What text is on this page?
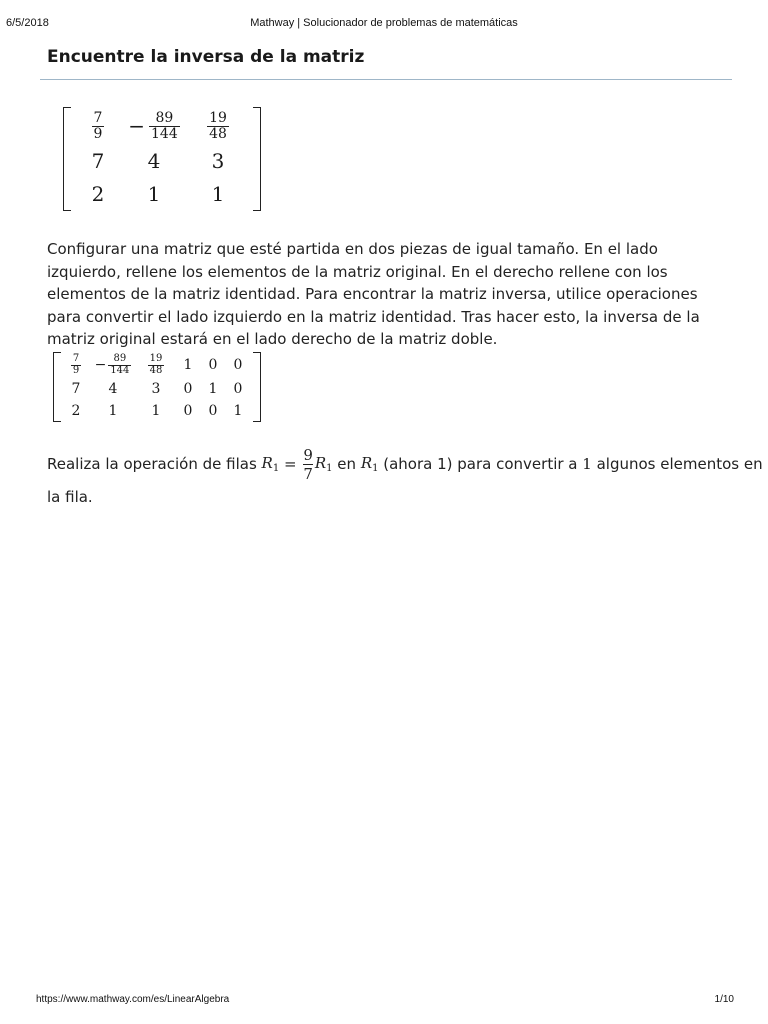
6/5/2018	Mathway | Solucionador de problemas de matemáticas
Encuentre la inversa de la matriz
$\frac{7}{9} - \frac{89}{144} \frac{19}{48}$
7 4	3
2 1	1
Configurar una matriz que esté partida en dos piezas de igual tamaño. En el lado izquierdo, rellene los elementos de la matriz original. En el derecho rellene con los elementos de la matriz identidad. Para encontrar la matriz inversa, utilice operaciones para convertir el lado izquierdo en la matriz identidad. Tras hacer esto, la inversa de la matriz original estará en el lado derecho de la matriz doble.
$\frac{7}{9} - \frac{89}{144} \frac{19}{48} 1$ 0 0
7 4 3 0 1 0
2 1 1 0 0 1
Realiza la operación de filas $R_1 = \frac{9}{7} R_1$ en $R_1$ (ahora 1 ) para convertir a 1 algunos elementos en
la fila.
https://www.mathway.com/es/LinearAlgebra	1/10
